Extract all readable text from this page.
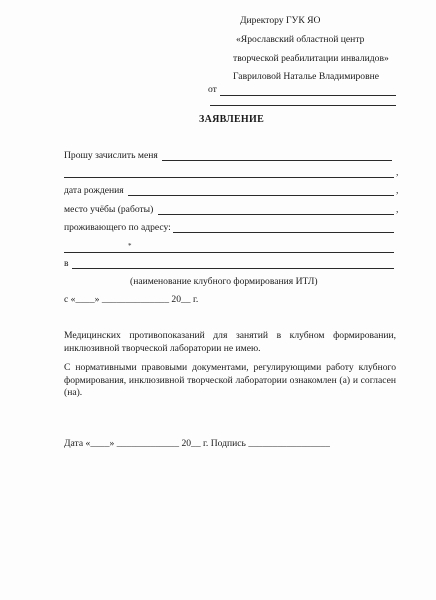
Директору ГУК ЯО
«Ярославский областной центр
творческой реабилитации инвалидов»
Гавриловой Наталье Владимировне
от
ЗАЯВЛЕНИЕ
Прошу зачислить меня
,
дата рождения	,
место учёбы (работы)	,
проживающего по адресу:
*
в
(наименование клубного формирования ИТЛ)
с «____» ______________ 20__ г.
Медицинских противопоказаний для занятий в клубном формировании, инклюзивной творческой лаборатории не имею.
С нормативными правовыми документами, регулирующими работу клубного формирования, инклюзивной творческой лаборатории ознакомлен (а) и согласен (на).
Дата «____» _____________ 20__ г. Подпись _________________
